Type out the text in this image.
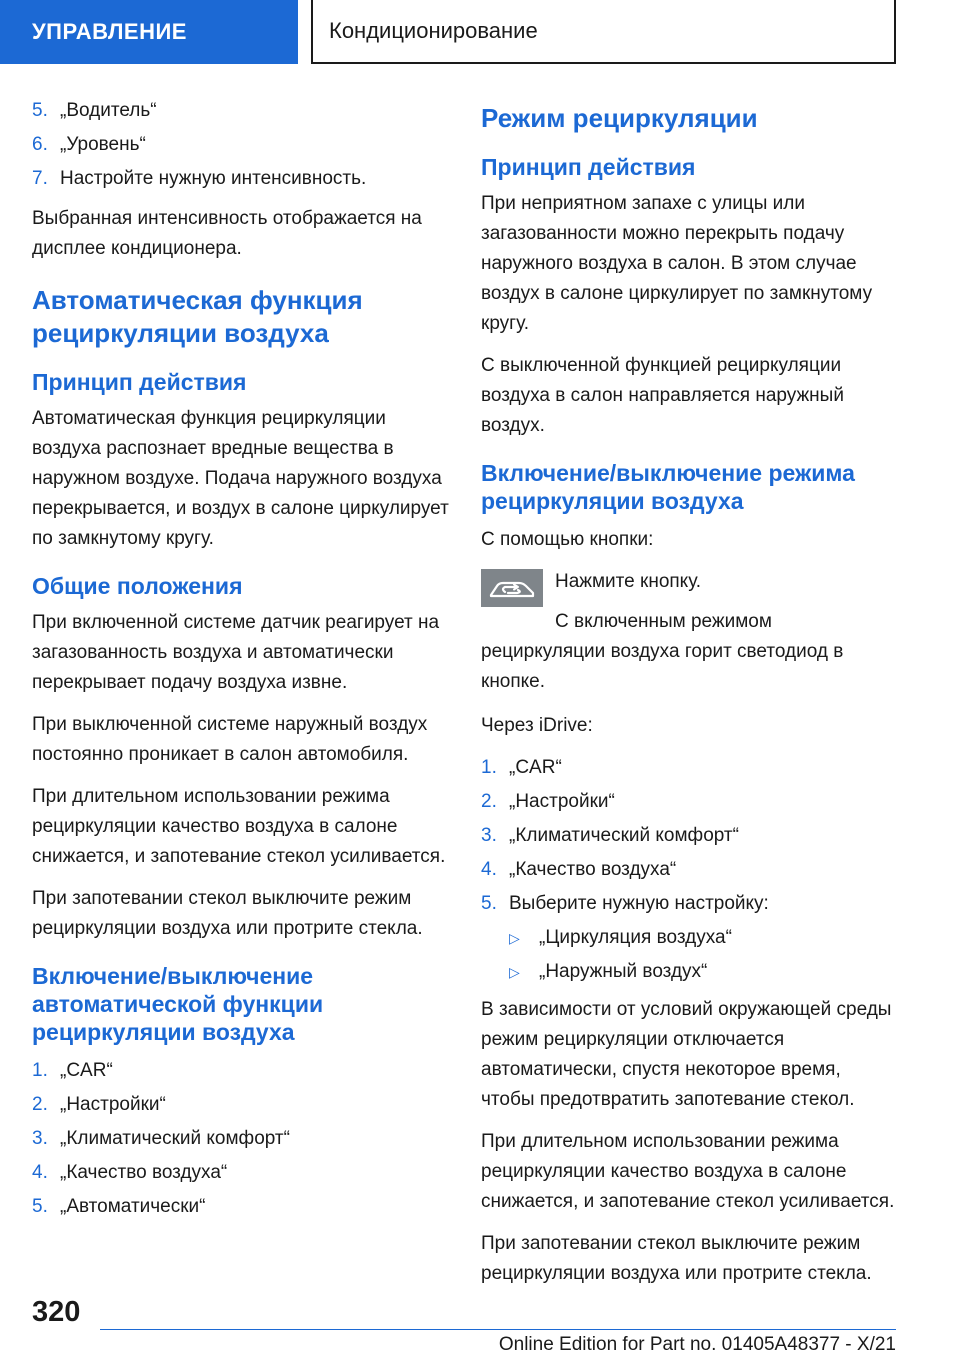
УПРАВЛЕНИЕ	Кондиционирование
5. „Водитель“
6. „Уровень“
7. Настройте нужную интенсивность.

Выбранная интенсивность отображается на дисплее кондиционера.

Автоматическая функция рециркуляции воздуха
Принцип действия

Автоматическая функция рециркуляции воздуха распознает вредные вещества в наружном воздухе. Подача наружного воздуха перекрывается, и воздух в салоне циркулирует по замкнутому кругу.

Общие положения

При включенной системе датчик реагирует на загазованность воздуха и автоматически перекрывает подачу воздуха извне.

При выключенной системе наружный воздух постоянно проникает в салон автомобиля.

При длительном использовании режима рециркуляции качество воздуха в салоне снижается, и запотевание стекол усиливается.

При запотевании стекол выключите режим рециркуляции воздуха или протрите стекла.

Включение/выключение автоматической функции рециркуляции воздуха
1. „CAR“
2. „Настройки“
3. „Климатический комфорт“
4. „Качество воздуха“
5. „Автоматически“
Режим рециркуляции
Принцип действия

При неприятном запахе с улицы или загазованности можно перекрыть подачу наружного воздуха в салон. В этом случае воздух в салоне циркулирует по замкнутому кругу.

С выключенной функцией рециркуляции воздуха в салон направляется наружный воздух.

Включение/выключение режима рециркуляции воздуха

С помощью кнопки:

Нажмите кнопку.

С включенным режимом рециркуляции воздуха горит светодиод в кнопке.

Через iDrive:

1. „CAR“
2. „Настройки“
3. „Климатический комфорт“
4. „Качество воздуха“
5. Выберите нужную настройку:
▷	„Циркуляция воздуха“
▷	„Наружный воздух“

В зависимости от условий окружающей среды режим рециркуляции отключается автоматически, спустя некоторое время, чтобы предотвратить запотевание стекол.

При длительном использовании режима рециркуляции качество воздуха в салоне снижается, и запотевание стекол усиливается.

При запотевании стекол выключите режим рециркуляции воздуха или протрите стекла.

320
Online Edition for Part no. 01405A48377 - X/21
